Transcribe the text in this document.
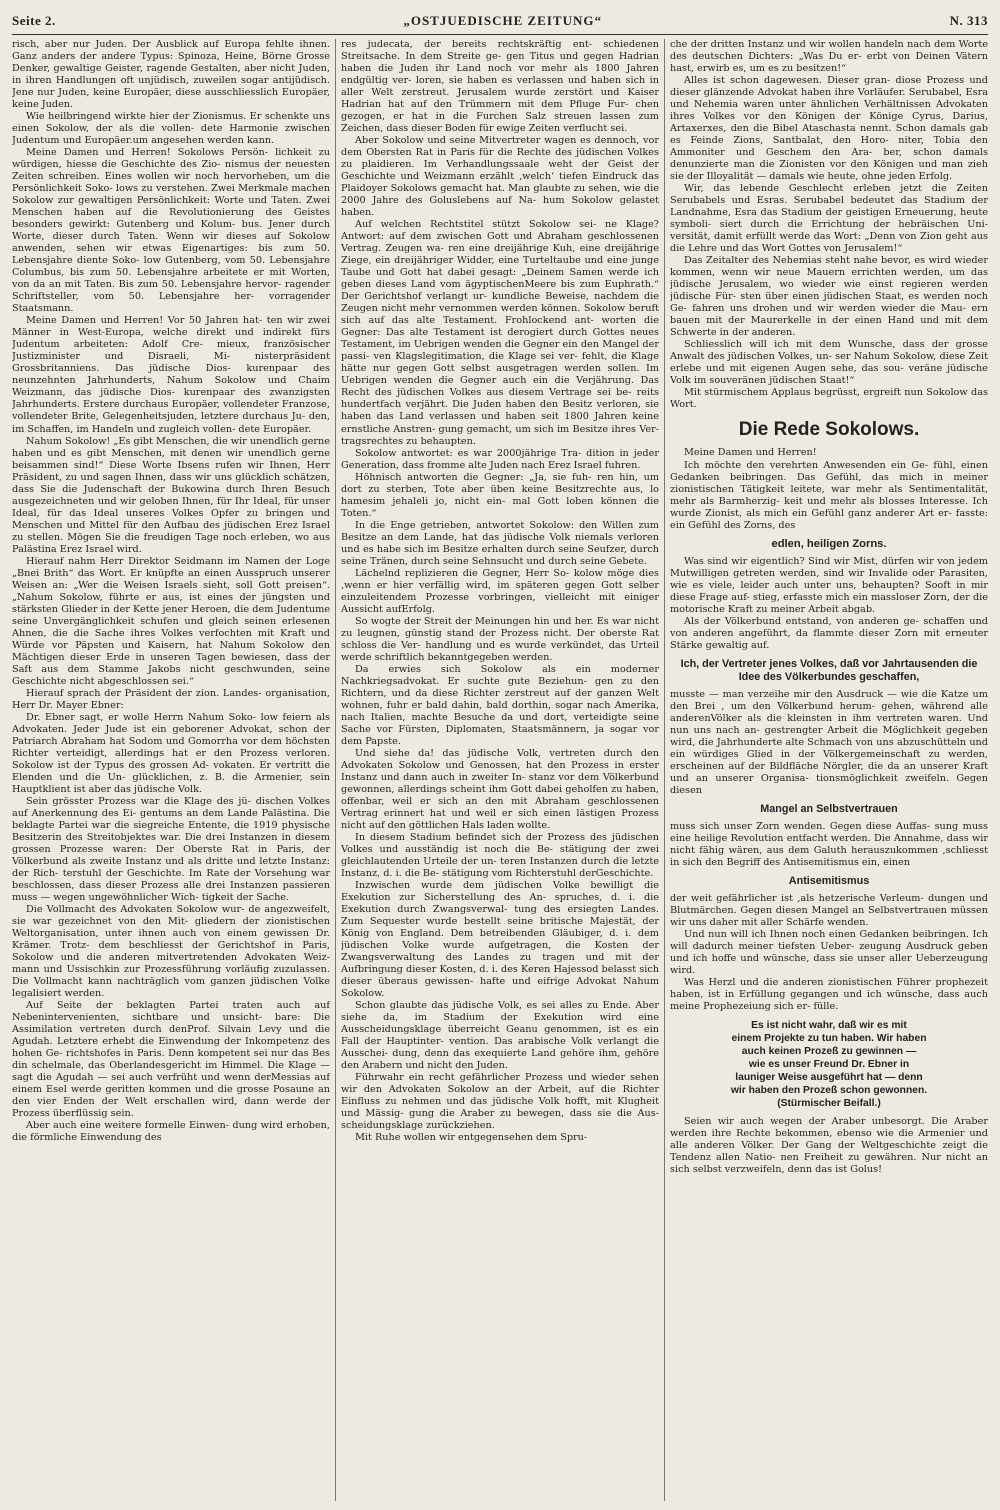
Seite 2.	„OSTJUEDISCHE ZEITUNG“	N. 313

risch, aber nur Juden. Der Ausblick auf Europa fehlte ihnen. Ganz anders der andere Typus: Spinoza, Heine, Börne Grosse Denker, gewaltige Geister, ragende Gestalten, aber nicht Juden, in ihren Handlungen oft unjüdisch, zuweilen sogar antijüdisch. Jene nur Juden, keine Europäer, diese ausschliesslich Europäer, keine Juden.

Wie heilbringend wirkte hier der Zionismus. Er schenkte uns einen Sokolow, der als die vollen- dete Harmonie zwischen Judentum und Europäer.um angesehen werden kann.

Meine Damen und Herren! Sokolows Persön- lichkeit zu würdigen, hiesse die Geschichte des Zio- nismus der neuesten Zeiten schreiben. Eines wollen wir noch hervorheben, um die Persönlichkeit Soko- lows zu verstehen. Zwei Merkmale machen Sokolow zur gewaltigen Persönlichkeit: Worte und Taten. Zwei Menschen haben auf die Revolutionierung des Geistes besonders gewirkt: Gutenberg und Kolum- bus. Jener durch Worte, dieser durch Taten. Wenn wir dieses auf Sokolow anwenden, sehen wir etwas Eigenartiges: bis zum 50. Lebensjahre diente Soko- low Gutenberg, vom 50. Lebensjahre Columbus, bis zum 50. Lebensjahre arbeitete er mit Worten, von da an mit Taten. Bis zum 50. Lebensjahre hervor- ragender Schriftsteller, vom 50. Lebensjahre her- vorragender Staatsmann.

Meine Damen und Herren! Vor 50 Jahren hat- ten wir zwei Männer in West-Europa, welche direkt und indirekt fürs Judentum arbeiteten: Adolf Cre- mieux, französischer Justizminister und Disraeli, Mi- nisterpräsident Grossbritanniens. Das jüdische Dios- kurenpaar des neunzehnten Jahrhunderts, Nahum Sokolow und Chaim Weizmann, das jüdische Dios- kurenpaar des zwanzigsten Jahrhunderts. Erstere durchaus Europäer, vollendeter Franzose, vollendeter Brite, Gelegenheitsjuden, letztere durchaus Ju- den, im Schaffen, im Handeln und zugleich vollen- dete Europäer.

Nahum Sokolow! „Es gibt Menschen, die wir unendlich gerne haben und es gibt Menschen, mit denen wir unendlich gerne beisammen sind!“ Diese Worte Ibsens rufen wir Ihnen, Herr Präsident, zu und sagen Ihnen, dass wir uns glücklich schätzen, dass Sie die Judenschaft der Bukowina durch Ihren Besuch ausgezeichneten und wir geloben Ihnen, für Ihr Ideal, für unser Ideal, für das Ideal unseres Volkes Opfer zu bringen und Menschen und Mittel für den Aufbau des jüdischen Erez Israel zu stellen. Mögen Sie die freudigen Tage noch erleben, wo aus Palästina Erez Israel wird.

Hierauf nahm Herr Direktor Seidmann im Namen der Loge „Bnei Brith“ das Wort. Er knüpfte an einen Ausspruch unserer Weisen an: „Wer die Weisen Israels sieht, soll Gott preisen“. „Nahum Sokolow, führte er aus, ist eines der jüngsten und stärksten Glieder in der Kette jener Heroen, die dem Judentume seine Unvergänglichkeit schufen und gleich seinen erlesenen Ahnen, die die Sache ihres Volkes verfochten mit Kraft und Würde vor Päpsten und Kaisern, hat Nahum Sokolow den Mächtigen dieser Erde in unseren Tagen bewiesen, dass der Saft aus dem Stamme Jakobs nicht geschwunden, seine Geschichte nicht abgeschlossen sei.“

Hierauf sprach der Präsident der zion. Landes- organisation, Herr Dr. Mayer Ebner:

Dr. Ebner sagt, er wolle Herrn Nahum Soko- low feiern als Advokaten. Jeder Jude ist ein geborener Advokat, schon der Patriarch Abraham hat Sodom und Gomorrha vor dem höchsten Richter verteidigt, allerdings hat er den Prozess verloren. Sokolow ist der Typus des grossen Ad- vokaten. Er vertritt die Elenden und die Un- glücklichen, z. B. die Armenier, sein Hauptklient ist aber das jüdische Volk.

Sein grösster Prozess war die Klage des jü- dischen Volkes auf Anerkennung des Ei- gentums an dem Lande Palästina. Die beklagte Partei war die siegreiche Entente, die 1919 physische Besitzerin des Streitobjektes war. Die drei Instanzen in diesem grossen Prozesse waren: Der Oberste Rat in Paris, der Völkerbund als zweite Instanz und als dritte und letzte Instanz: der Rich- terstuhl der Geschichte. Im Rate der Vorsehung war beschlossen, dass dieser Prozess alle drei Instanzen passieren muss — wegen ungewöhnlicher Wich- tigkeit der Sache.

Die Vollmacht des Advokaten Sokolow wur- de angezweifelt, sie war gezeichnet von den Mit- gliedern der zionistischen Weltorganisation, unter ihnen auch von einem gewissen Dr. Krämer. Trotz- dem beschliesst der Gerichtshof in Paris, Sokolow und die anderen mitvertretenden Advokaten Weiz- mann und Ussischkin zur Prozessführung vorläufig zuzulassen. Die Vollmacht kann nachträglich vom ganzen jüdischen Volke legalisiert werden.

Auf Seite der beklagten Partei traten auch auf Nebenintervenienten, sichtbare und unsicht- bare: Die Assimilation vertreten durch denProf. Silvain Levy und die Agudah. Letztere erhebt die Einwendung der Inkompetenz des hohen Ge- richtshofes in Paris. Denn kompetent sei nur das Bes din schelmale, das Oberlandesgericht im Himmel. Die Klage — sagt die Agudah — sei auch verfrüht und wenn derMessias auf einem Esel werde geritten kommen und die grosse Posaune an den vier Enden der Welt erschallen wird, dann werde der Prozess überflüssig sein.

Aber auch eine weitere formelle Einwen- dung wird erhoben, die förmliche Einwendung des

res judecata, der bereits rechtskräftig ent- schiedenen Streitsache. In dem Streite ge- gen Titus und gegen Hadrian haben die Juden ihr Land noch vor mehr als 1800 Jahren endgültig ver- loren, sie haben es verlassen und haben sich in aller Welt zerstreut. Jerusalem wurde zerstört und Kaiser Hadrian hat auf den Trümmern mit dem Pfluge Fur- chen gezogen, er hat in die Furchen Salz streuen lassen zum Zeichen, dass dieser Boden für ewige Zeiten verflucht sei.

Aber Sokolow und seine Mitvertreter wagen es dennoch, vor dem Obersten Rat in Paris für die Rechte des jüdischen Volkes zu plaidieren. Im Verhandlungssaale weht der Geist der Geschichte und Weizmann erzählt ‚welch‘ tiefen Eindruck das Plaidoyer Sokolows gemacht hat. Man glaubte zu sehen, wie die 2000 Jahre des Goluslebens auf Na- hum Sokolow gelastet haben.

Auf welchen Rechtstitel stützt Sokolow sei- ne Klage? Antwort: auf dem zwischen Gott und Abraham geschlossenen Vertrag. Zeugen wa- ren eine dreijährige Kuh, eine dreijährige Ziege, ein dreijähriger Widder, eine Turteltaube und eine junge Taube und Gott hat dabei gesagt: „Deinem Samen werde ich geben dieses Land vom ägyptischenMeere bis zum Euphrath.“ Der Gerichtshof verlangt ur- kundliche Beweise, nachdem die Zeugen nicht mehr vernommen werden können. Sokolow beruft sich auf das alte Testament. Frohlockend ant- worten die Gegner: Das alte Testament ist derogiert durch Gottes neues Testament, im Uebrigen wenden die Gegner ein den Mangel der passi- ven Klagslegitimation, die Klage sei ver- fehlt, die Klage hätte nur gegen Gott selbst ausgetragen werden sollen. Im Uebrigen wenden die Gegner auch ein die Verjährung. Das Recht des jüdischen Volkes aus diesem Vertrage sei be- reits hundertfach verjährt. Die Juden haben den Besitz verloren, sie haben das Land verlassen und haben seit 1800 Jahren keine ernstliche Anstren- gung gemacht, um sich im Besitze ihres Ver- tragsrechtes zu behaupten.

Sokolow antwortet: es war 2000jährige Tra- dition in jeder Generation, dass fromme alte Juden nach Erez Israel fuhren.

Höhnisch antworten die Gegner: „Ja, sie fuh- ren hin, um dort zu sterben, Tote aber üben keine Besitzrechte aus, lo hamesim jehaleli jo, nicht ein- mal Gott loben können die Toten.“

In die Enge getrieben, antwortet Sokolow: den Willen zum Besitze an dem Lande, hat das jüdische Volk niemals verloren und es habe sich im Besitze erhalten durch seine Seufzer, durch seine Tränen, durch seine Sehnsucht und durch seine Gebete.

Lächelnd replizieren die Gegner, Herr So- kolow möge dies ‚wenn er hier verfällig wird, im späteren gegen Gott selber einzuleitendem Prozesse vorbringen, vielleicht mit einiger Aussicht aufErfolg.

So wogte der Streit der Meinungen hin und her. Es war nicht zu leugnen, günstig stand der Prozess nicht. Der oberste Rat schloss die Ver- handlung und es wurde verkündet, das Urteil werde schriftlich bekanntgegeben werden.

Da erwies sich Sokolow als ein moderner Nachkriegsadvokat. Er suchte gute Beziehun- gen zu den Richtern, und da diese Richter zerstreut auf der ganzen Welt wohnen, fuhr er bald dahin, bald dorthin, sogar nach Amerika, nach Italien, machte Besuche da und dort, verteidigte seine Sache vor Fürsten, Diplomaten, Staatsmännern, ja sogar vor dem Papste.

Und siehe da! das jüdische Volk, vertreten durch den Advokaten Sokolow und Genossen, hat den Prozess in erster Instanz und dann auch in zweiter In- stanz vor dem Völkerbund gewonnen, allerdings scheint ihm Gott dabei geholfen zu haben, offenbar, weil er sich an den mit Abraham geschlossenen Vertrag erinnert hat und weil er sich einen lästigen Prozess nicht auf den göttlichen Hals laden wollte.

In diesem Stadium befindet sich der Prozess des jüdischen Volkes und ausständig ist noch die Be- stätigung der zwei gleichlautenden Urteile der un- teren Instanzen durch die letzte Instanz, d. i. die Be- stätigung vom Richterstuhl derGeschichte.

Inzwischen wurde dem jüdischen Volke bewilligt die Exekution zur Sicherstellung des An- spruches, d. i. die Exekution durch Zwangsverwal- tung des ersiegten Landes. Zum Sequester wurde bestellt seine britische Majestät, der König von England. Dem betreibenden Gläubiger, d. i. dem jüdischen Volke wurde aufgetragen, die Kosten der Zwangsverwaltung des Landes zu tragen und mit der Aufbringung dieser Kosten, d. i. des Keren Hajessod belasst sich dieser überaus gewissen- hafte und eifrige Advokat Nahum Sokolow.

Schon glaubte das jüdische Volk, es sei alles zu Ende. Aber siehe da, im Stadium der Exekution wird eine Ausscheidungsklage überreicht Geanu genommen, ist es ein Fall der Hauptinter- vention. Das arabische Volk verlangt die Ausschei- dung, denn das exequierte Land gehöre ihm, gehöre den Arabern und nicht den Juden.

Führwahr ein recht gefährlicher Prozess und wieder sehen wir den Advokaten Sokolow an der Arbeit, auf die Richter Einfluss zu nehmen und das jüdische Volk hofft, mit Klugheit und Mässig- gung die Araber zu bewegen, dass sie die Aus- scheidungsklage zurückziehen.

Mit Ruhe wollen wir entgegensehen dem Spru-

che der dritten Instanz und wir wollen handeln nach dem Worte des deutschen Dichters: „Was Du er- erbt von Deinen Vätern hast, erwirb es, um es zu besitzen!“

Alles ist schon dagewesen. Dieser gran- diose Prozess und dieser glänzende Advokat haben ihre Vorläufer. Serubabel, Esra und Nehemia waren unter ähnlichen Verhältnissen Advokaten ihres Volkes vor den Königen der Könige Cyrus, Darius, Artaxerxes, den die Bibel Ataschasta nennt. Schon damals gab es Feinde Zions, Santbalat, den Horo- niter, Tobia den Ammoniter und Geschem den Ara- ber, schon damals denunzierte man die Zionisten vor den Königen und man zieh sie der Illoyalität — damals wie heute, ohne jeden Erfolg.

Wir, das lebende Geschlecht erleben jetzt die Zeiten Serubabels und Esras. Serubabel bedeutet das Stadium der Landnahme, Esra das Stadium der geistigen Erneuerung, heute symboli- siert durch die Errichtung der hebräischen Uni- versität, damit erfüllt werde das Wort: „Denn von Zion geht aus die Lehre und das Wort Gottes von Jerusalem!“

Das Zeitalter des Nehemias steht nahe bevor, es wird wieder kommen, wenn wir neue Mauern errichten werden, um das jüdische Jerusalem, wo wieder wie einst regieren werden jüdische Für- sten über einen jüdischen Staat, es werden noch Ge- fahren uns drohen und wir werden wieder die Mau- ern bauen mit der Maurerkelle in der einen Hand und mit dem Schwerte in der anderen.

Schliesslich will ich mit dem Wunsche, dass der grosse Anwalt des jüdischen Volkes, un- ser Nahum Sokolow, diese Zeit erlebe und mit eigenen Augen sehe, das sou- veräne jüdische Volk im souveränen jüdischen Staat!“

Mit stürmischem Applaus begrüsst, ergreift nun Sokolow das Wort.

Die Rede Sokolows.

Meine Damen und Herren!

Ich möchte den verehrten Anwesenden ein Ge- fühl, einen Gedanken beibringen. Das Gefühl, das mich in meiner zionistischen Tätigkeit leitete, war mehr als Sentimentalität, mehr als Barmherzig- keit und mehr als blosses Interesse. Ich wurde Zionist, als mich ein Gefühl ganz anderer Art er- fasste: ein Gefühl des Zorns, des

edlen, heiligen Zorns.

Was sind wir eigentlich? Sind wir Mist, dürfen wir von jedem Mutwilligen getreten werden, sind wir Invalide oder Parasiten, wie es viele, leider auch unter uns, behaupten? Sooft in mir diese Frage auf- stieg, erfasste mich ein massloser Zorn, der die motorische Kraft zu meiner Arbeit abgab.

Als der Völkerbund entstand, von anderen ge- schaffen und von anderen angeführt, da flammte dieser Zorn mit erneuter Stärke gewaltig auf.

Ich, der Vertreter jenes Volkes, daß vor Jahrtausenden die Idee des Völkerbundes geschaffen,

musste — man verzeihe mir den Ausdruck — wie die Katze um den Brei , um den Völkerbund herum- gehen, während alle anderenVölker als die kleinsten in ihm vertreten waren. Und nun uns nach an- gestrengter Arbeit die Möglichkeit gegeben wird, die Jahrhunderte alte Schmach von uns abzuschütteln und ein würdiges Glied in der Völkergemeinschaft zu werden, erscheinen auf der Bildfläche Nörgler, die da an unserer Kraft und an unserer Organisa- tionsmöglichkeit zweifeln. Gegen diesen

Mangel an Selbstvertrauen

muss sich unser Zorn wenden. Gegen diese Auffas- sung muss eine heilige Revolution entfacht werden. Die Annahme, dass wir nicht fähig wären, aus dem Galuth herauszukommen ,schliesst in sich den Begriff des Antisemitismus ein, einen

Antisemitismus

der weit gefährlicher ist ,als hetzerische Verleum- dungen und Blutmärchen. Gegen diesen Mangel an Selbstvertrauen müssen wir uns daher mit aller Schärfe wenden.

Und nun will ich Ihnen noch einen Gedanken beibringen. Ich will dadurch meiner tiefsten Ueber- zeugung Ausdruck geben und ich hoffe und wünsche, dass sie unser aller Ueberzeugung wird.

Was Herzl und die anderen zionistischen Führer prophezeit haben, ist in Erfüllung gegangen und ich wünsche, dass auch meine Prophezeiung sich er- fülle.

Es ist nicht wahr, daß wir es mit
einem Projekte zu tun haben. Wir haben
auch keinen Prozeß zu gewinnen —
wie es unser Freund Dr. Ebner in
launiger Weise ausgeführt hat — denn
wir haben den Prozeß schon gewonnen.
(Stürmischer Beifall.)

Seien wir auch wegen der Araber unbesorgt. Die Araber werden ihre Rechte bekommen, ebenso wie die Armenier und alle anderen Völker. Der Gang der Weltgeschichte zeigt die Tendenz allen Natio- nen Freiheit zu gewähren. Nur nicht an sich selbst verzweifeln, denn das ist Golus!
